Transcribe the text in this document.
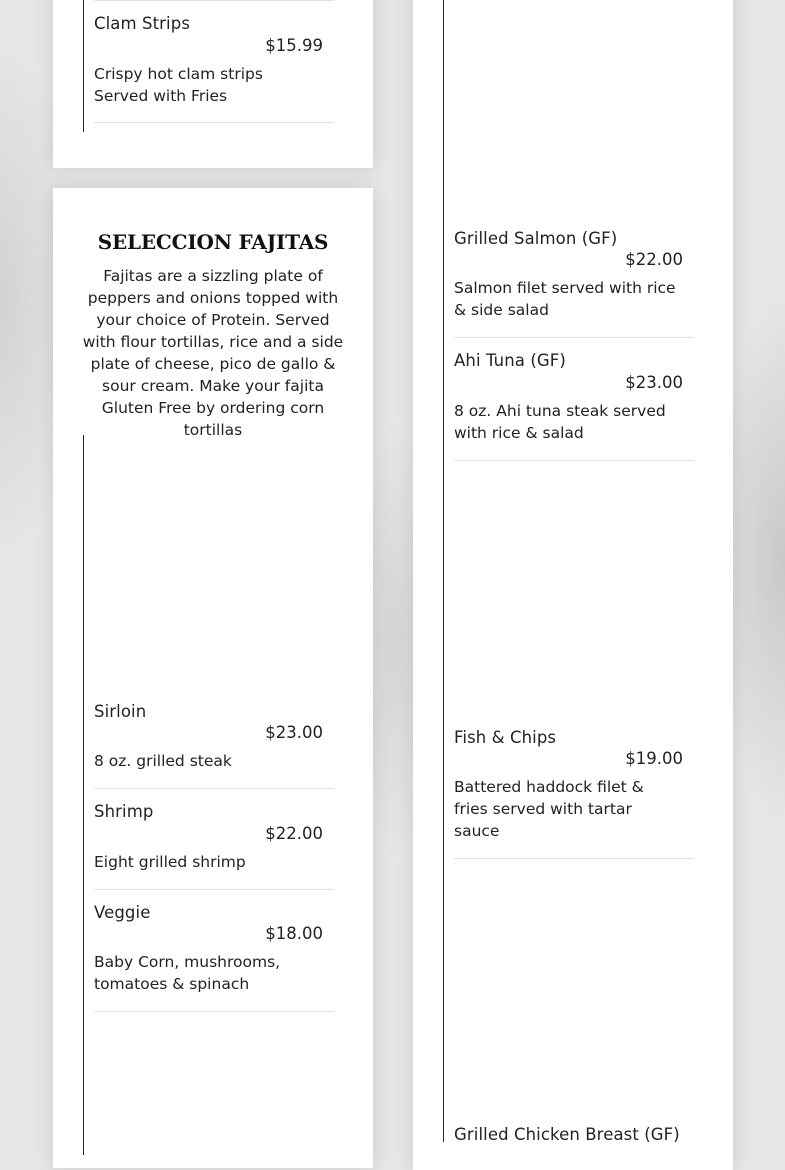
Clam Strips
$15.99
Crispy hot clam strips Served with Fries
SELECCION FAJITAS
Fajitas are a sizzling plate of peppers and onions topped with your choice of Protein. Served with flour tortillas, rice and a side plate of cheese, pico de gallo & sour cream. Make your fajita Gluten Free by ordering corn tortillas
Sirloin
$23.00
8 oz. grilled steak
Shrimp
$22.00
Eight grilled shrimp
Veggie
$18.00
Baby Corn, mushrooms, tomatoes & spinach
Grilled Salmon (GF)
$22.00
Salmon filet served with rice & side salad
Ahi Tuna (GF)
$23.00
8 oz. Ahi tuna steak served with rice & salad
Fish & Chips
$19.00
Battered haddock filet & fries served with tartar sauce
Grilled Chicken Breast (GF)
